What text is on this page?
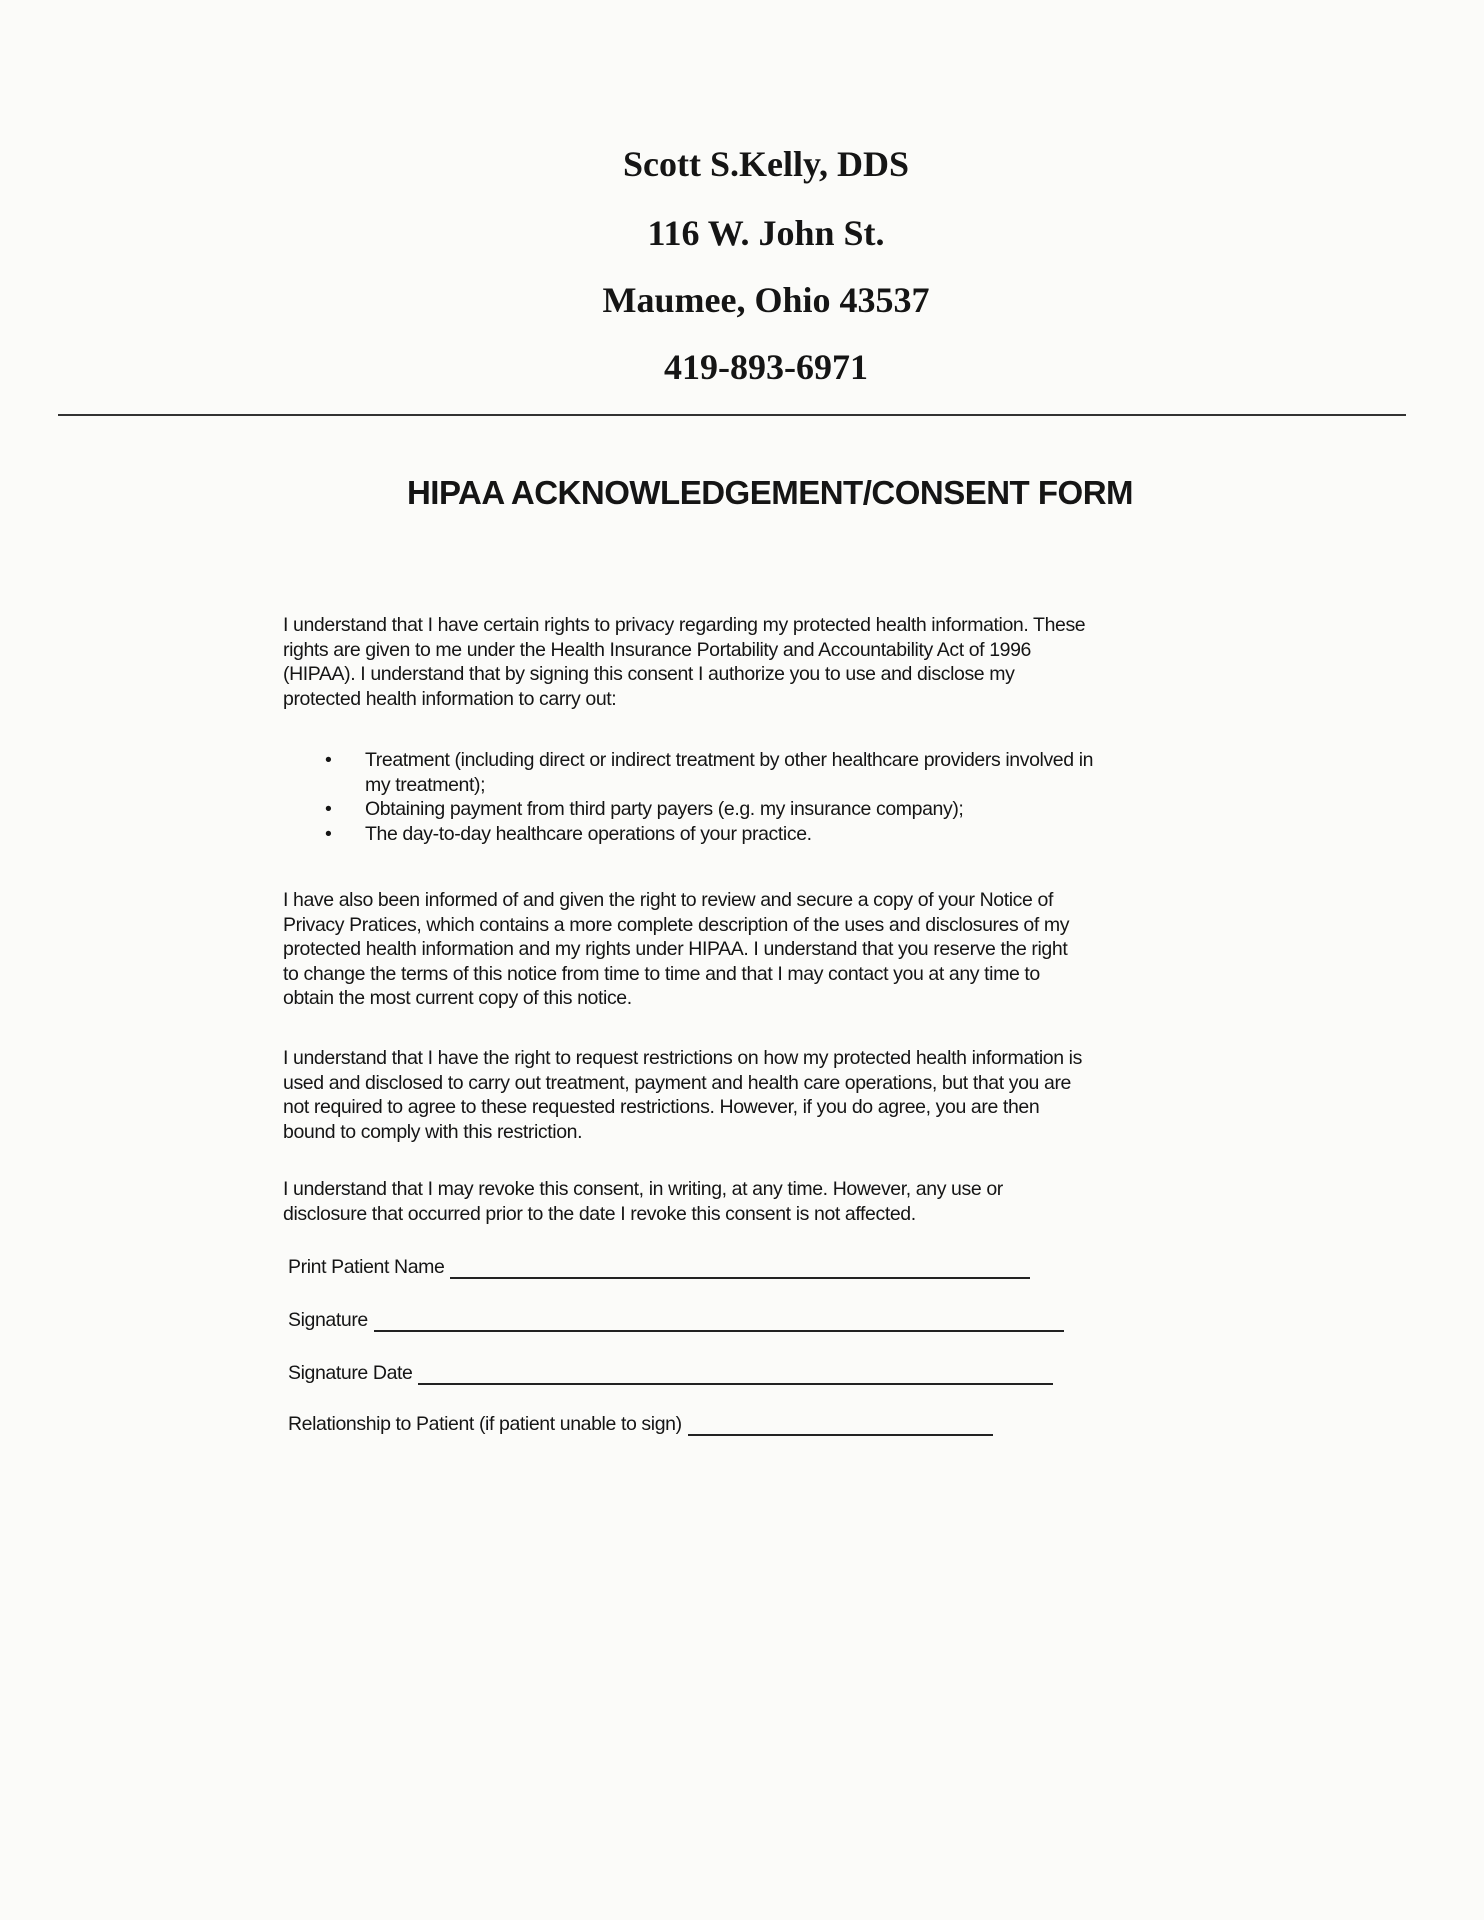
Scott S.Kelly, DDS
116 W. John St.
Maumee, Ohio 43537
419-893-6971
HIPAA ACKNOWLEDGEMENT/CONSENT FORM
I understand that I have certain rights to privacy regarding my protected health information. These
rights are given to me under the Health Insurance Portability and Accountability Act of 1996
(HIPAA). I understand that by signing this consent I authorize you to use and disclose my
protected health information to carry out:
• Treatment (including direct or indirect treatment by other healthcare providers involved in
my treatment);
• Obtaining payment from third party payers (e.g. my insurance company);
• The day-to-day healthcare operations of your practice.
I have also been informed of and given the right to review and secure a copy of your Notice of
Privacy Pratices, which contains a more complete description of the uses and disclosures of my
protected health information and my rights under HIPAA. I understand that you reserve the right
to change the terms of this notice from time to time and that I may contact you at any time to
obtain the most current copy of this notice.
I understand that I have the right to request restrictions on how my protected health information is
used and disclosed to carry out treatment, payment and health care operations, but that you are
not required to agree to these requested restrictions. However, if you do agree, you are then
bound to comply with this restriction.
I understand that I may revoke this consent, in writing, at any time. However, any use or
disclosure that occurred prior to the date I revoke this consent is not affected.
Print Patient Name
Signature
Signature Date
Relationship to Patient (if patient unable to sign)
